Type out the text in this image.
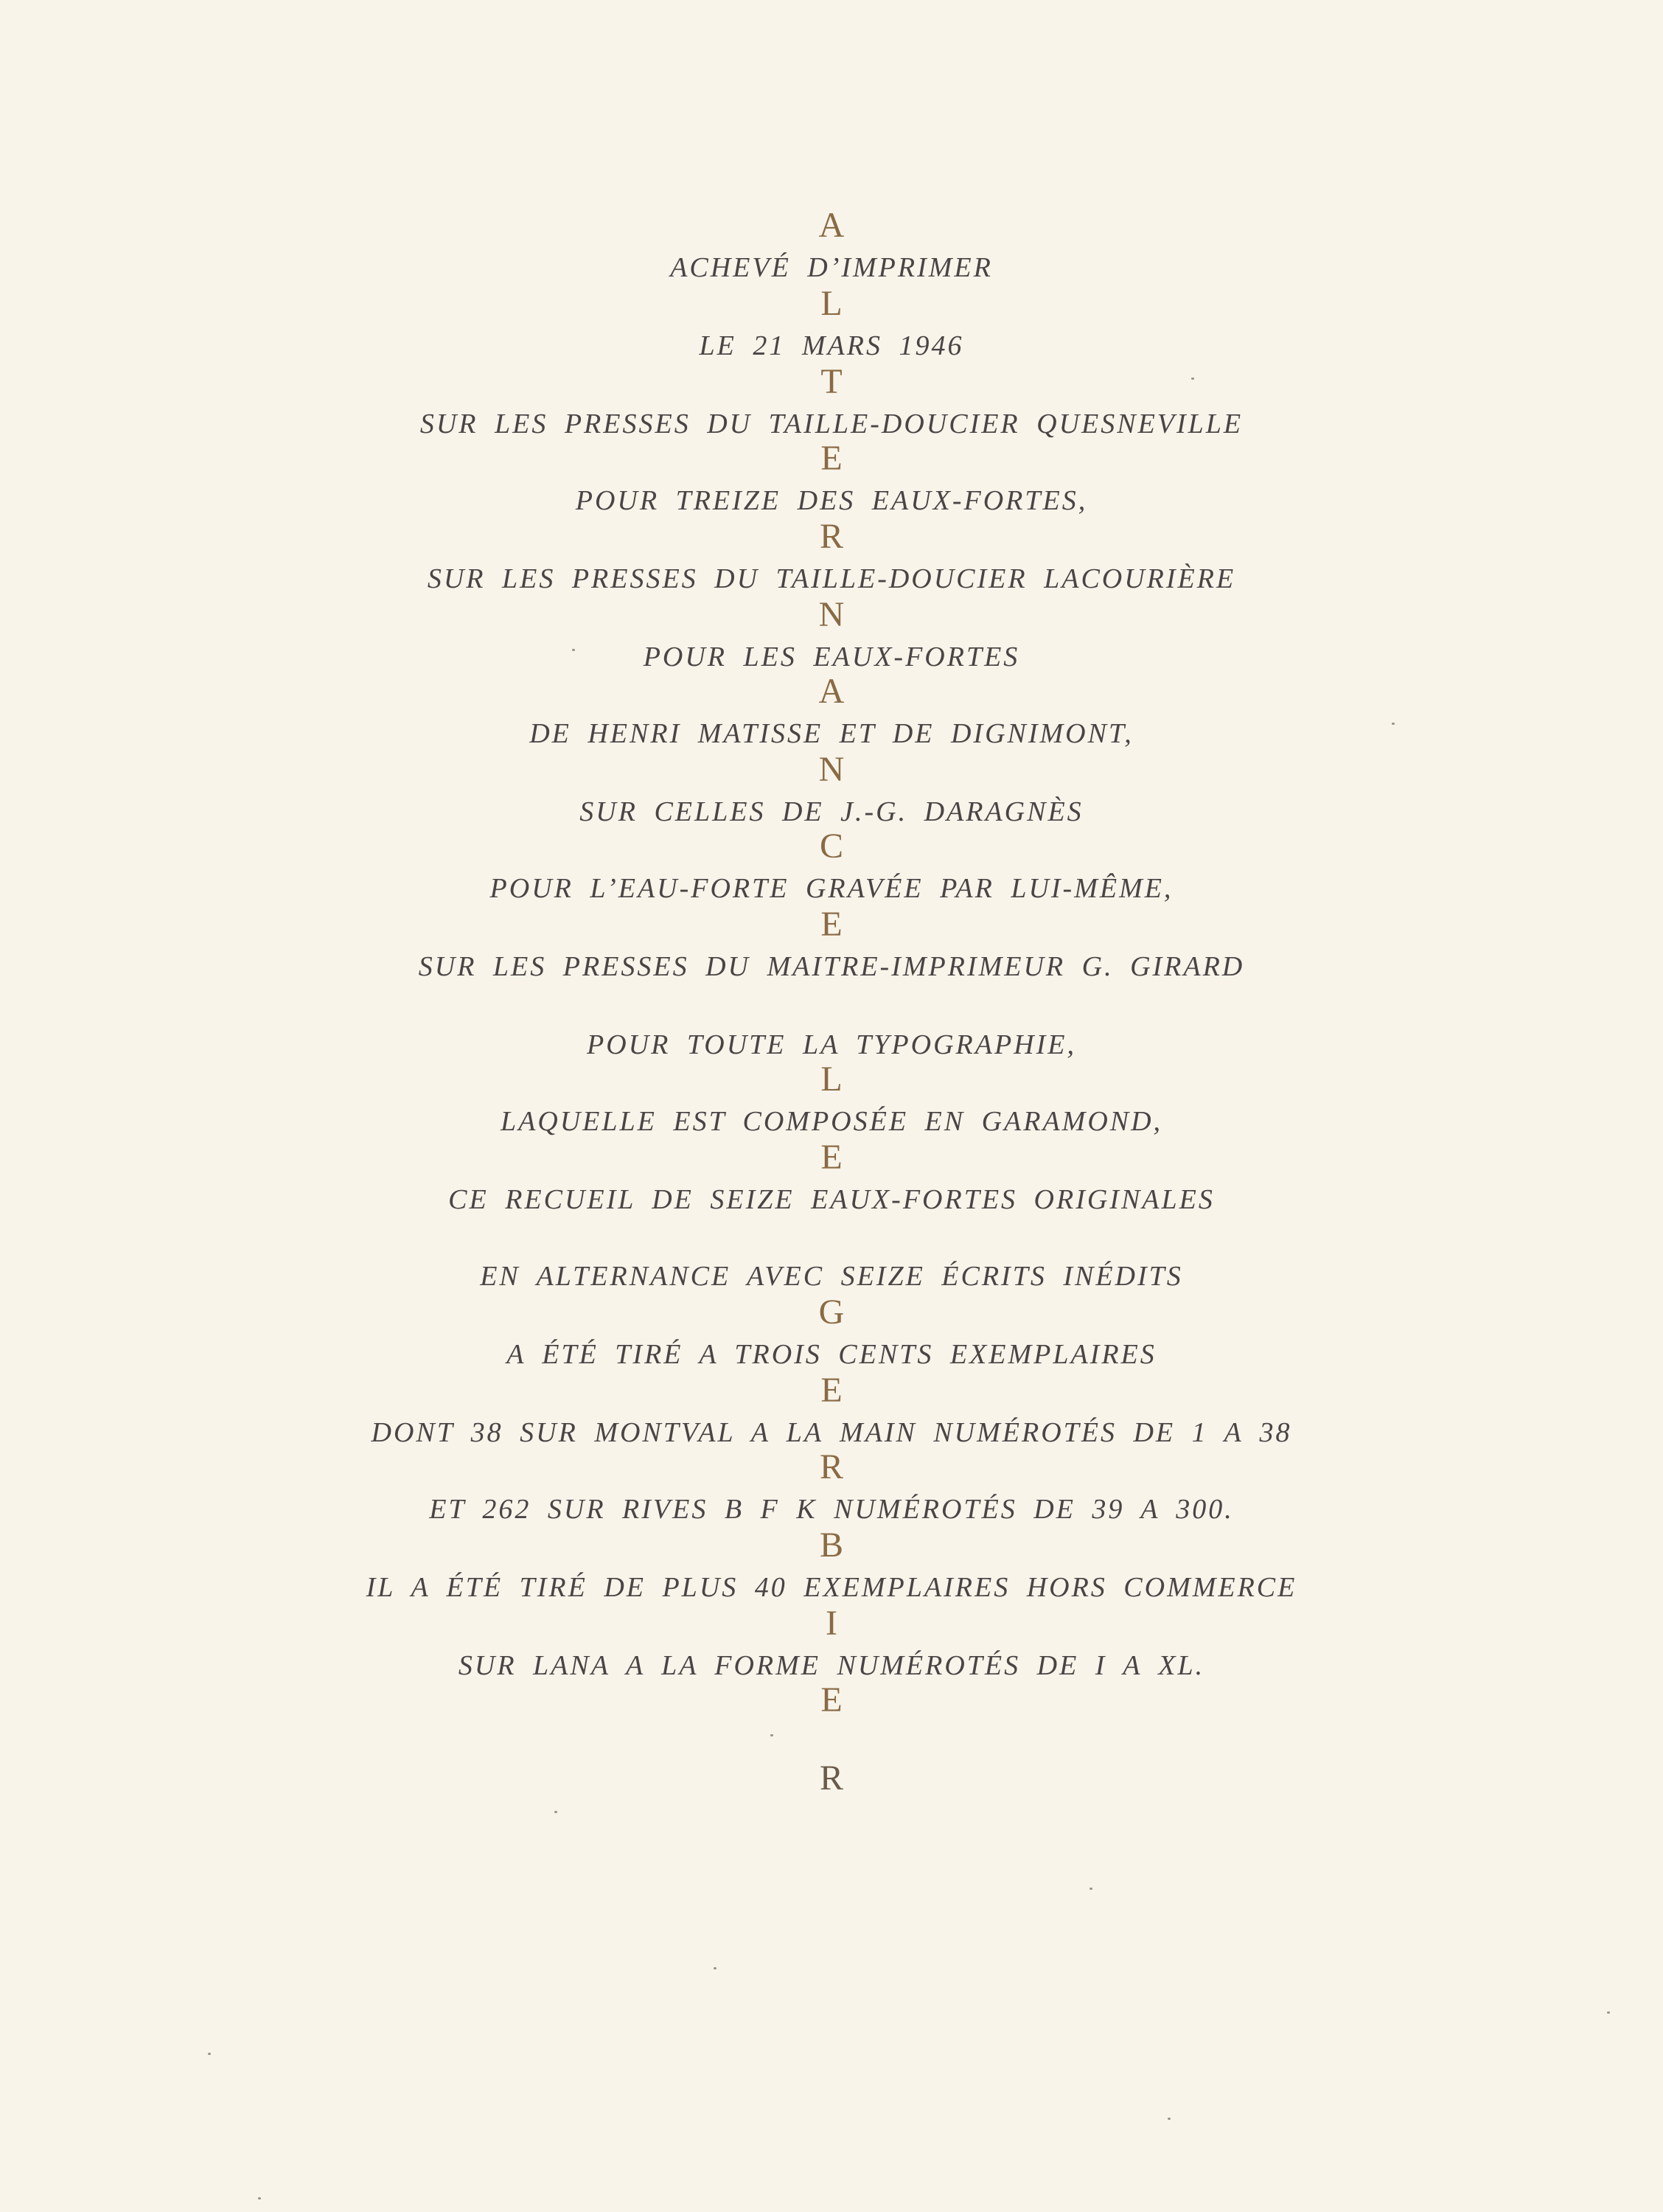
A
ACHEVÉ D’IMPRIMER
L
LE 21 MARS 1946
T
SUR LES PRESSES DU TAILLE-DOUCIER QUESNEVILLE
E
POUR TREIZE DES EAUX-FORTES,
R
SUR LES PRESSES DU TAILLE-DOUCIER LACOURIÈRE
N
POUR LES EAUX-FORTES
A
DE HENRI MATISSE ET DE DIGNIMONT,
N
SUR CELLES DE J.-G. DARAGNÈS
C
POUR L’EAU-FORTE GRAVÉE PAR LUI-MÊME,
E
SUR LES PRESSES DU MAITRE-IMPRIMEUR G. GIRARD
POUR TOUTE LA TYPOGRAPHIE,
L
LAQUELLE EST COMPOSÉE EN GARAMOND,
E
CE RECUEIL DE SEIZE EAUX-FORTES ORIGINALES
EN ALTERNANCE AVEC SEIZE ÉCRITS INÉDITS
G
A ÉTÉ TIRÉ A TROIS CENTS EXEMPLAIRES
E
DONT 38 SUR MONTVAL A LA MAIN NUMÉROTÉS DE 1 A 38
R
ET 262 SUR RIVES B F K NUMÉROTÉS DE 39 A 300.
B
IL A ÉTÉ TIRÉ DE PLUS 40 EXEMPLAIRES HORS COMMERCE
I
SUR LANA A LA FORME NUMÉROTÉS DE I A XL.
E
R
